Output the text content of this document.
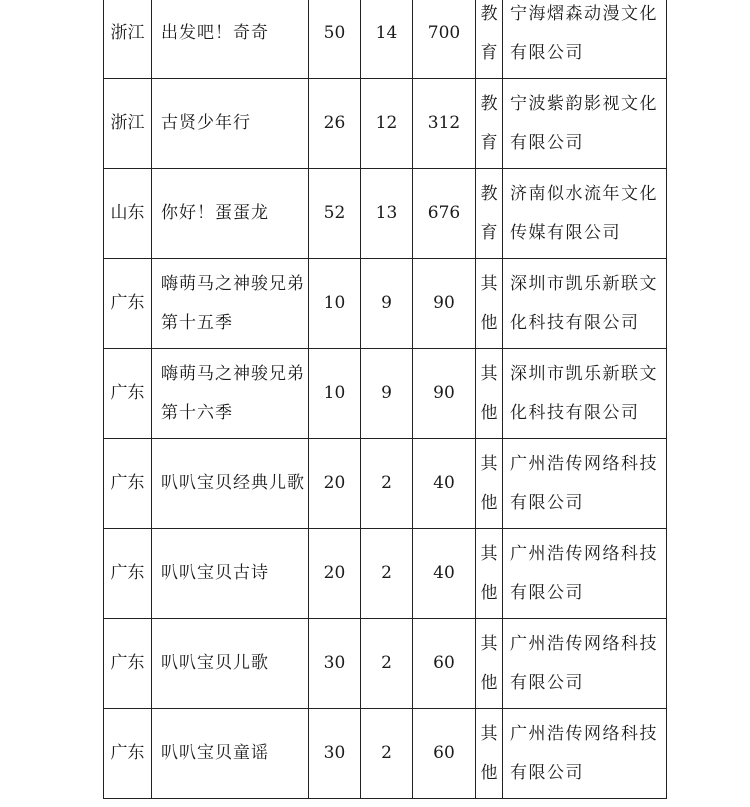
浙江	出发吧！奇奇	50	14	700	教育	宁海熠森动漫文化有限公司
浙江	古贤少年行	26	12	312	教育	宁波紫韵影视文化有限公司
山东	你好！蛋蛋龙	52	13	676	教育	济南似水流年文化传媒有限公司
广东	嗨萌马之神骏兄弟 第十五季	10	9	90	其他	深圳市凯乐新联文化科技有限公司
广东	嗨萌马之神骏兄弟 第十六季	10	9	90	其他	深圳市凯乐新联文化科技有限公司
广东	叭叭宝贝经典儿歌	20	2	40	其他	广州浩传网络科技有限公司
广东	叭叭宝贝古诗	20	2	40	其他	广州浩传网络科技有限公司
广东	叭叭宝贝儿歌	30	2	60	其他	广州浩传网络科技有限公司
广东	叭叭宝贝童谣	30	2	60	其他	广州浩传网络科技有限公司
